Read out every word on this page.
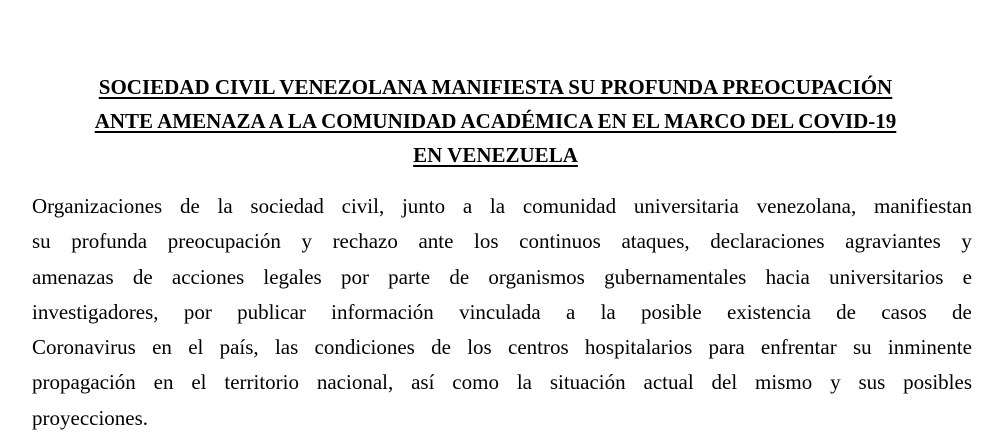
SOCIEDAD CIVIL VENEZOLANA MANIFIESTA SU PROFUNDA PREOCUPACIÓN
ANTE AMENAZA A LA COMUNIDAD ACADÉMICA EN EL MARCO DEL COVID-19
EN VENEZUELA
Organizaciones de la sociedad civil, junto a la comunidad universitaria venezolana, manifiestan
su profunda preocupación y rechazo ante los continuos ataques, declaraciones agraviantes y
amenazas de acciones legales por parte de organismos gubernamentales hacia universitarios e
investigadores, por publicar información vinculada a la posible existencia de casos de
Coronavirus en el país, las condiciones de los centros hospitalarios para enfrentar su inminente
propagación en el territorio nacional, así como la situación actual del mismo y sus posibles
proyecciones.
